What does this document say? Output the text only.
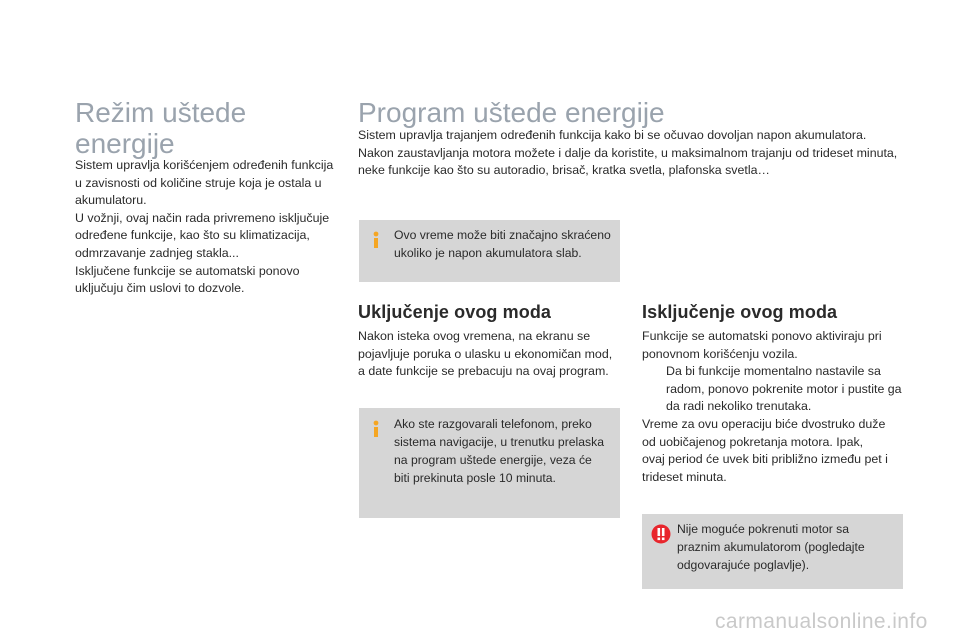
Režim uštede
energije
Sistem upravlja korišćenjem određenih funkcija
u zavisnosti od količine struje koja je ostala u
akumulatoru.
U vožnji, ovaj način rada privremeno isključuje
određene funkcije, kao što su klimatizacija,
odmrzavanje zadnjeg stakla...
Isključene funkcije se automatski ponovo
uključuju čim uslovi to dozvole.
Program uštede energije
Sistem upravlja trajanjem određenih funkcija kako bi se očuvao dovoljan napon akumulatora.
Nakon zaustavljanja motora možete i dalje da koristite, u maksimalnom trajanju od trideset minuta,
neke funkcije kao što su autoradio, brisač, kratka svetla, plafonska svetla…
Ovo vreme može biti značajno skraćeno
ukoliko je napon akumulatora slab.
Uključenje ovog moda
Nakon isteka ovog vremena, na ekranu se
pojavljuje poruka o ulasku u ekonomičan mod,
a date funkcije se prebacuju na ovaj program.
Ako ste razgovarali telefonom, preko
sistema navigacije, u trenutku prelaska
na program uštede energije, veza će
biti prekinuta posle 10 minuta.
Isključenje ovog moda
Funkcije se automatski ponovo aktiviraju pri
ponovnom korišćenju vozila.
Da bi funkcije momentalno nastavile sa
radom, ponovo pokrenite motor i pustite ga
da radi nekoliko trenutaka.
Vreme za ovu operaciju biće dvostruko duže
od uobičajenog pokretanja motora. Ipak,
ovaj period će uvek biti približno između pet i
trideset minuta.
Nije moguće pokrenuti motor sa
praznim akumulatorom (pogledajte
odgovarajuće poglavlje).
carmanualsonline.info
